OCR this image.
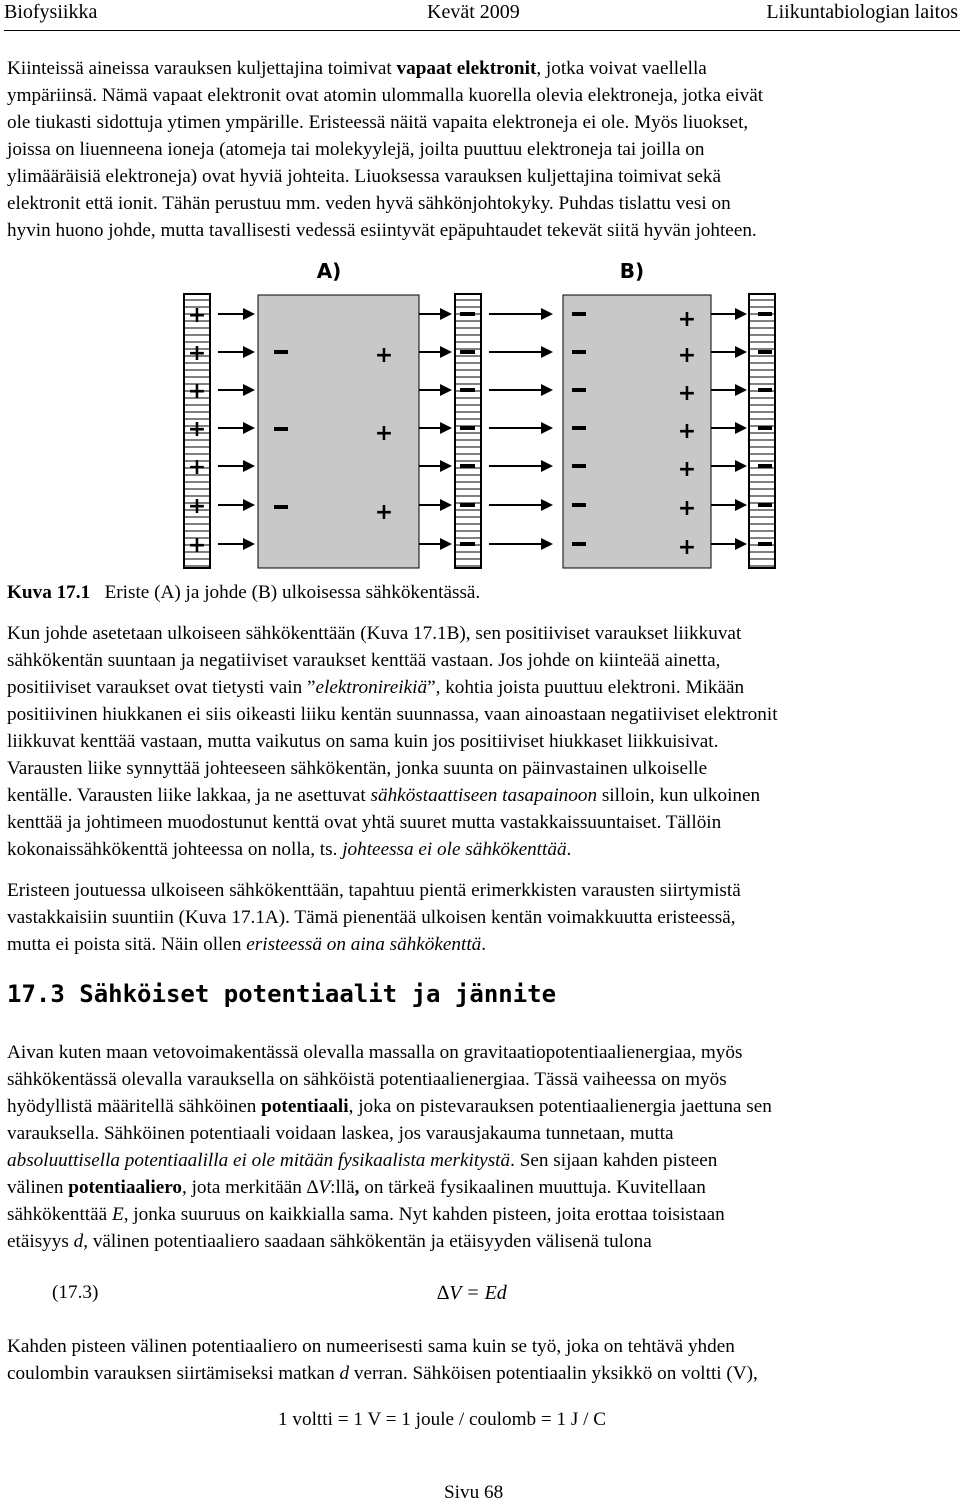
Biofysiikka	Kevät 2009	Liikuntabiologian laitos
Kiinteissä aineissa varauksen kuljettajina toimivat vapaat elektronit, jotka voivat vaellella
ympäriinsä. Nämä vapaat elektronit ovat atomin ulommalla kuorella olevia elektroneja, jotka eivät
ole tiukasti sidottuja ytimen ympärille. Eristeessä näitä vapaita elektroneja ei ole. Myös liuokset,
joissa on liuenneena ioneja (atomeja tai molekyylejä, joilta puuttuu elektroneja tai joilla on
ylimääräisiä elektroneja) ovat hyviä johteita. Liuoksessa varauksen kuljettajina toimivat sekä
elektronit että ionit. Tähän perustuu mm. veden hyvä sähkönjohtokyky. Puhdas tislattu vesi on
hyvin huono johde, mutta tavallisesti vedessä esiintyvät epäpuhtaudet tekevät siitä hyvän johteen.
A)	B)
+
+
+
+
+
+
+
+
+
+
+
+
+
+
+
+
+
Kuva 17.1 Eriste (A) ja johde (B) ulkoisessa sähkökentässä.
Kun johde asetetaan ulkoiseen sähkökenttään (Kuva 17.1B), sen positiiviset varaukset liikkuvat
sähkökentän suuntaan ja negatiiviset varaukset kenttää vastaan. Jos johde on kiinteää ainetta,
positiiviset varaukset ovat tietysti vain ”elektronireikiä”, kohtia joista puuttuu elektroni. Mikään
positiivinen hiukkanen ei siis oikeasti liiku kentän suunnassa, vaan ainoastaan negatiiviset elektronit
liikkuvat kenttää vastaan, mutta vaikutus on sama kuin jos positiiviset hiukkaset liikkuisivat.
Varausten liike synnyttää johteeseen sähkökentän, jonka suunta on päinvastainen ulkoiselle
kentälle. Varausten liike lakkaa, ja ne asettuvat sähköstaattiseen tasapainoon silloin, kun ulkoinen
kenttää ja johtimeen muodostunut kenttä ovat yhtä suuret mutta vastakkaissuuntaiset. Tällöin
kokonaissähkökenttä johteessa on nolla, ts. johteessa ei ole sähkökenttää.
Eristeen joutuessa ulkoiseen sähkökenttään, tapahtuu pientä erimerkkisten varausten siirtymistä
vastakkaisiin suuntiin (Kuva 17.1A). Tämä pienentää ulkoisen kentän voimakkuutta eristeessä,
mutta ei poista sitä. Näin ollen eristeessä on aina sähkökenttä.
17.3 Sähköiset potentiaalit ja jännite
Aivan kuten maan vetovoimakentässä olevalla massalla on gravitaatiopotentiaalienergiaa, myös
sähkökentässä olevalla varauksella on sähköistä potentiaalienergiaa. Tässä vaiheessa on myös
hyödyllistä määritellä sähköinen potentiaali, joka on pistevarauksen potentiaalienergia jaettuna sen
varauksella. Sähköinen potentiaali voidaan laskea, jos varausjakauma tunnetaan, mutta
absoluuttisella potentiaalilla ei ole mitään fysikaalista merkitystä. Sen sijaan kahden pisteen
välinen potentiaaliero, jota merkitään ∆V:llä, on tärkeä fysikaalinen muuttuja. Kuvitellaan
sähkökenttää E, jonka suuruus on kaikkialla sama. Nyt kahden pisteen, joita erottaa toisistaan
etäisyys d, välinen potentiaaliero saadaan sähkökentän ja etäisyyden välisenä tulona
(17.3)	∆V = Ed
Kahden pisteen välinen potentiaaliero on numeerisesti sama kuin se työ, joka on tehtävä yhden
coulombin varauksen siirtämiseksi matkan d verran. Sähköisen potentiaalin yksikkö on voltti (V),
1 voltti = 1 V = 1 joule / coulomb = 1 J / C
Sivu 68
